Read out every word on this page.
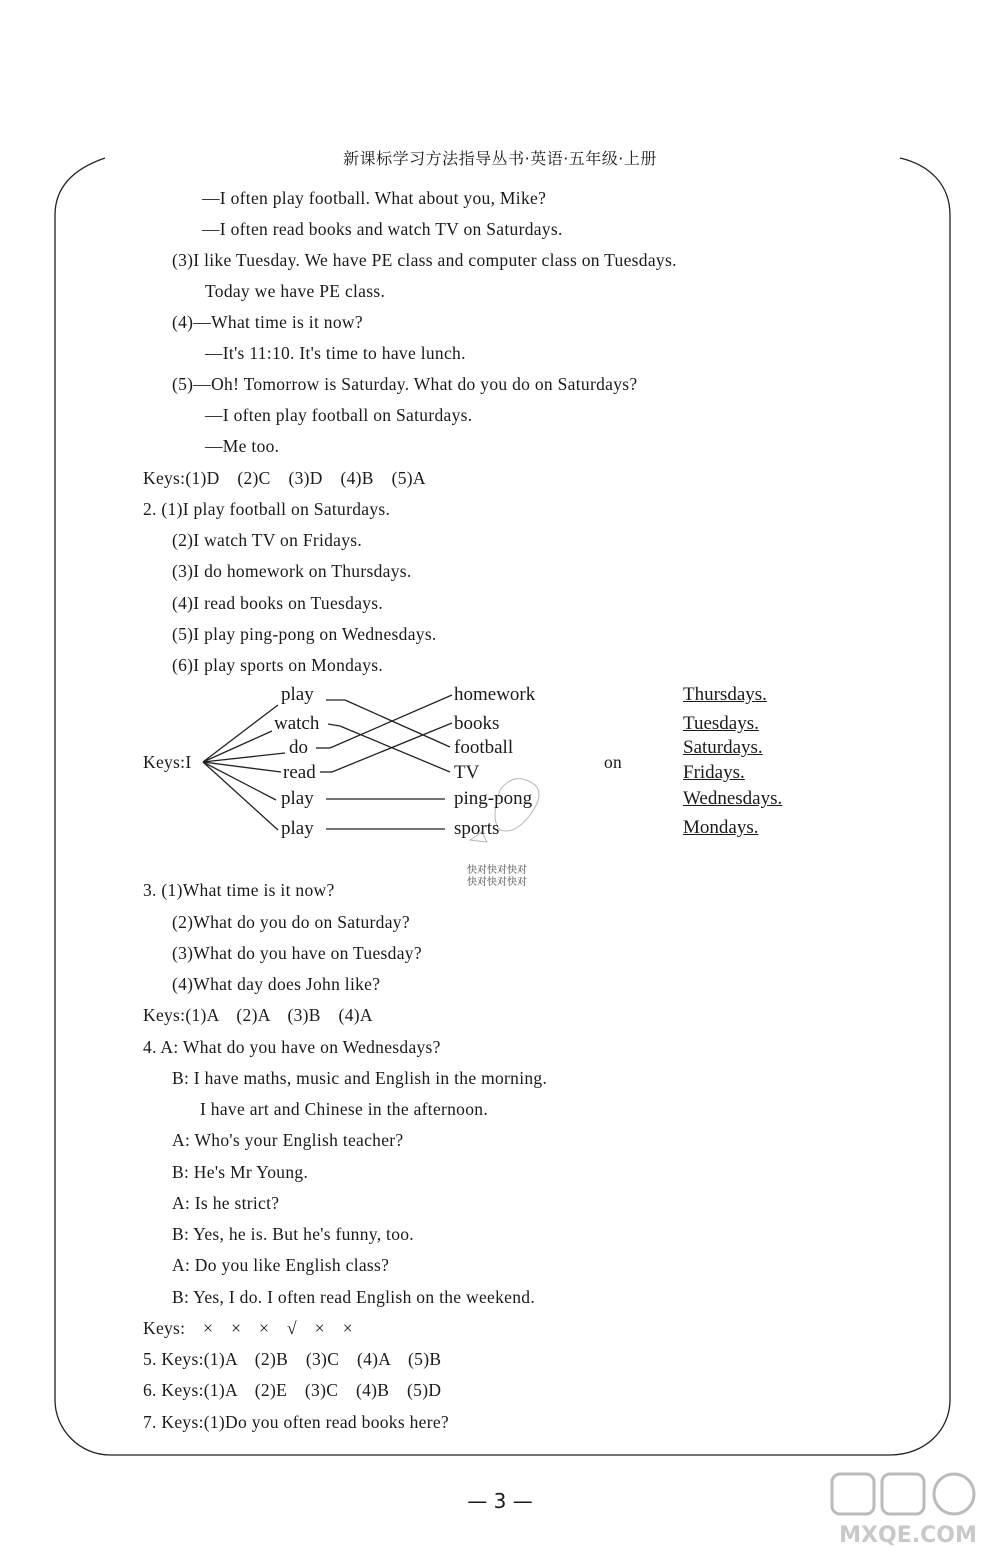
新课标学习方法指导丛书·英语·五年级·上册
—I often play football. What about you, Mike?
—I often read books and watch TV on Saturdays.
(3)I like Tuesday. We have PE class and computer class on Tuesdays.
Today we have PE class.
(4)—What time is it now?
—It's 11:10. It's time to have lunch.
(5)—Oh! Tomorrow is Saturday. What do you do on Saturdays?
—I often play football on Saturdays.
—Me too.
Keys:(1)D　(2)C　(3)D　(4)B　(5)A
2. (1)I play football on Saturdays.
(2)I watch TV on Fridays.
(3)I do homework on Thursdays.
(4)I read books on Tuesdays.
(5)I play ping-pong on Wednesdays.
(6)I play sports on Mondays.
Keys:I
play
watch
do
read
play
play
homework
books
football
TV
ping-pong
sports
on
Thursdays.
Tuesdays.
Saturdays.
Fridays.
Wednesdays.
Mondays.
快对快对快对
快对快对快对
3. (1)What time is it now?
(2)What do you do on Saturday?
(3)What do you have on Tuesday?
(4)What day does John like?
Keys:(1)A　(2)A　(3)B　(4)A
4. A: What do you have on Wednesdays?
B: I have maths, music and English in the morning.
I have art and Chinese in the afternoon.
A: Who's your English teacher?
B: He's Mr Young.
A: Is he strict?
B: Yes, he is. But he's funny, too.
A: Do you like English class?
B: Yes, I do. I often read English on the weekend.
Keys:　×　×　×　√　×　×
5. Keys:(1)A　(2)B　(3)C　(4)A　(5)B
6. Keys:(1)A　(2)E　(3)C　(4)B　(5)D
7. Keys:(1)Do you often read books here?
— 3 —
MXQE.COM
